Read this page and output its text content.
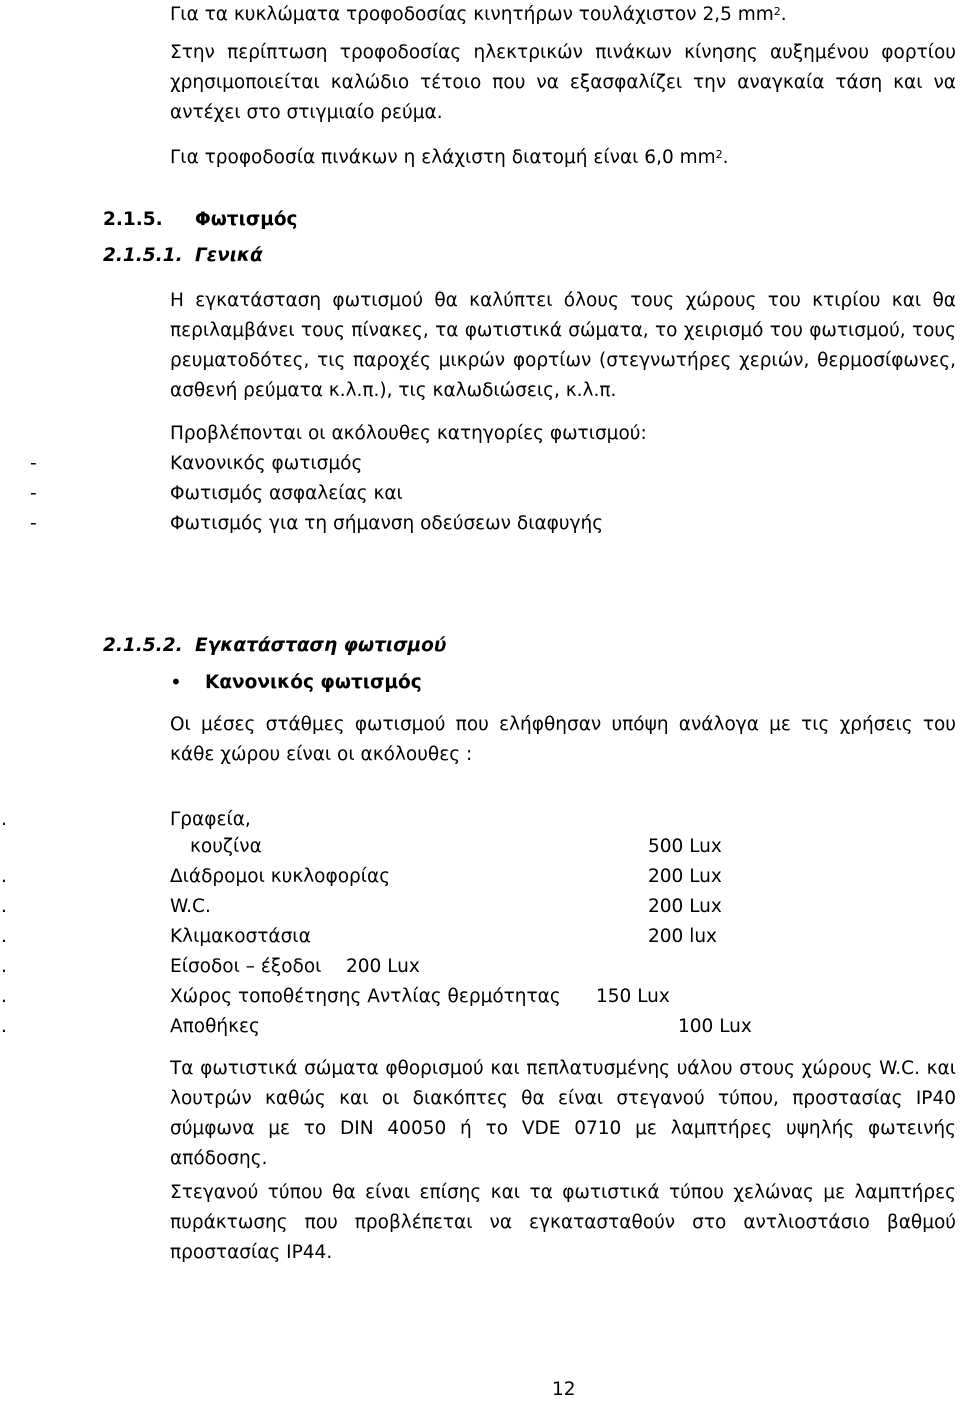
Για τα κυκλώματα τροφοδοσίας κινητήρων τουλάχιστον 2,5 $mm^2$.
Στην περίπτωση τροφοδοσίας ηλεκτρικών πινάκων κίνησης αυξημένου φορτίου χρησιμοποιείται καλώδιο τέτοιο που να εξασφαλίζει την αναγκαία τάση και να αντέχει στο στιγμιαίο ρεύμα.
Για τροφοδοσία πινάκων η ελάχιστη διατομή είναι 6,0 $mm^2$.
2.1.5. Φωτισμός
2.1.5.1. Γενικά
Η εγκατάσταση φωτισμού θα καλύπτει όλους τους χώρους του κτιρίου και θα περιλαμβάνει τους πίνακες, τα φωτιστικά σώματα, το χειρισμό του φωτισμού, τους ρευματοδότες, τις παροχές μικρών φορτίων (στεγνωτήρες χεριών, θερμοσίφωνες, ασθενή ρεύματα κ.λ.π.), τις καλωδιώσεις, κ.λ.π.
Προβλέπονται οι ακόλουθες κατηγορίες φωτισμού:
-	Κανονικός φωτισμός
-	Φωτισμός ασφαλείας και
-	Φωτισμός για τη σήμανση οδεύσεων διαφυγής
2.1.5.2. Εγκατάσταση φωτισμού
• Κανονικός φωτισμός
Οι μέσες στάθμες φωτισμού που ελήφθησαν υπόψη ανάλογα με τις χρήσεις του κάθε χώρου είναι οι ακόλουθες :
.	Γραφεία,
κουζίνα	500 Lux
.	Διάδρομοι κυκλοφορίας	200 Lux
.	W.C.	200 Lux
.	Κλιμακοστάσια	200 lux
.	Είσοδοι – έξοδοι 200 Lux
.	Χώρος τοποθέτησης Αντλίας θερμότητας 150 Lux
.	Αποθήκες	100 Lux
Τα φωτιστικά σώματα φθορισμού και πεπλατυσμένης υάλου στους χώρους W.C. και λουτρών καθώς και οι διακόπτες θα είναι στεγανού τύπου, προστασίας IP40 σύμφωνα με το DIN 40050 ή το VDE 0710 με λαμπτήρες υψηλής φωτεινής απόδοσης.
Στεγανού τύπου θα είναι επίσης και τα φωτιστικά τύπου χελώνας με λαμπτήρες πυράκτωσης που προβλέπεται να εγκατασταθούν στο αντλιοστάσιο βαθμού προστασίας IP44.
12
